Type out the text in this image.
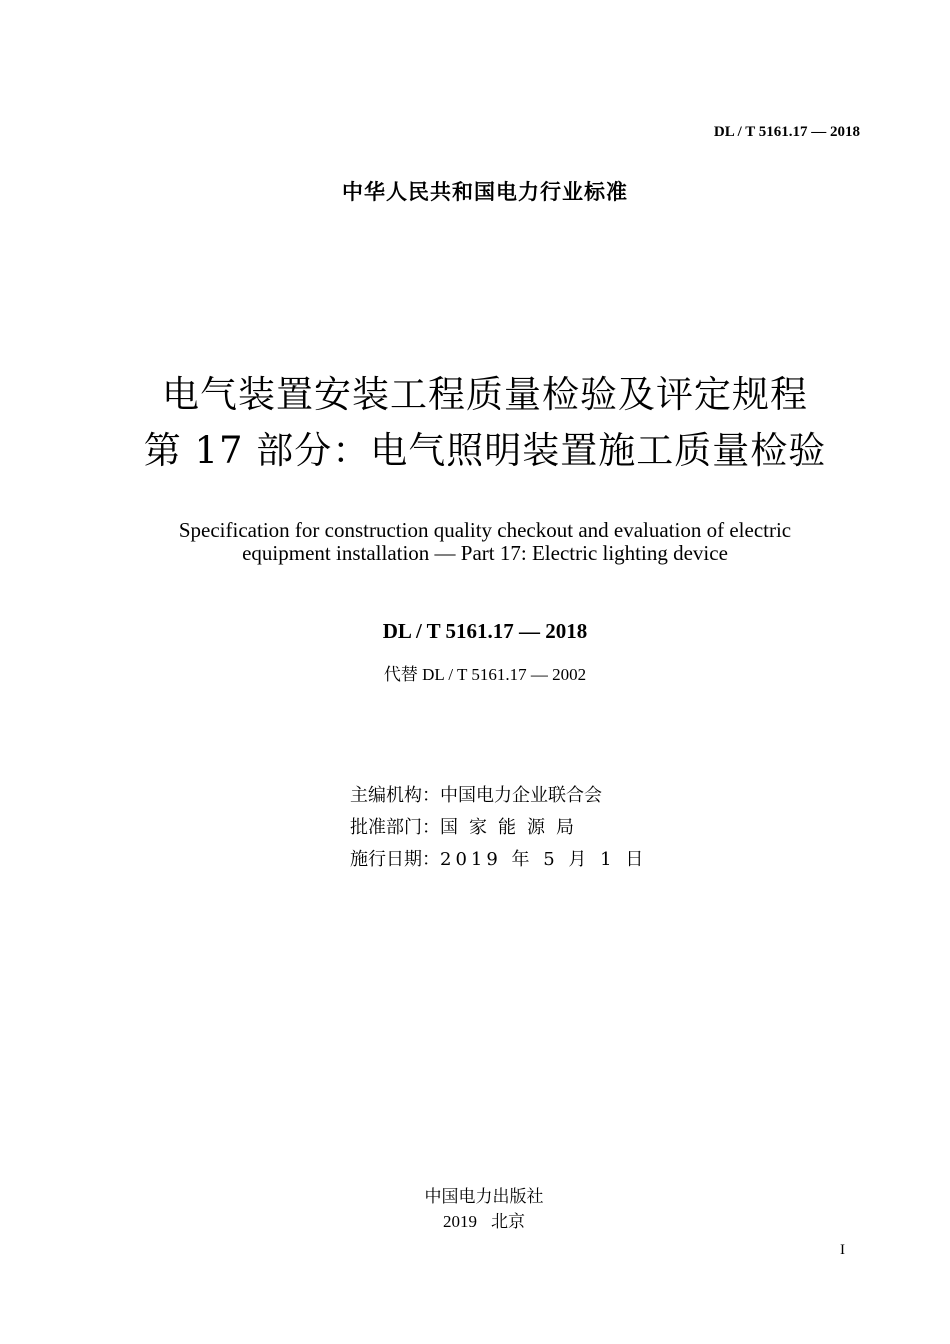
DL / T 5161.17 — 2018
中华人民共和国电力行业标准
电气装置安装工程质量检验及评定规程
第 17 部分：电气照明装置施工质量检验
Specification for construction quality checkout and evaluation of electric
equipment installation — Part 17: Electric lighting device
DL / T 5161.17 — 2018
代替 DL / T 5161.17 — 2002
主编机构：中国电力企业联合会
批准部门：国家能源局
施行日期：2019 年 5 月 1 日
中国电力出版社
2019 北京
I
